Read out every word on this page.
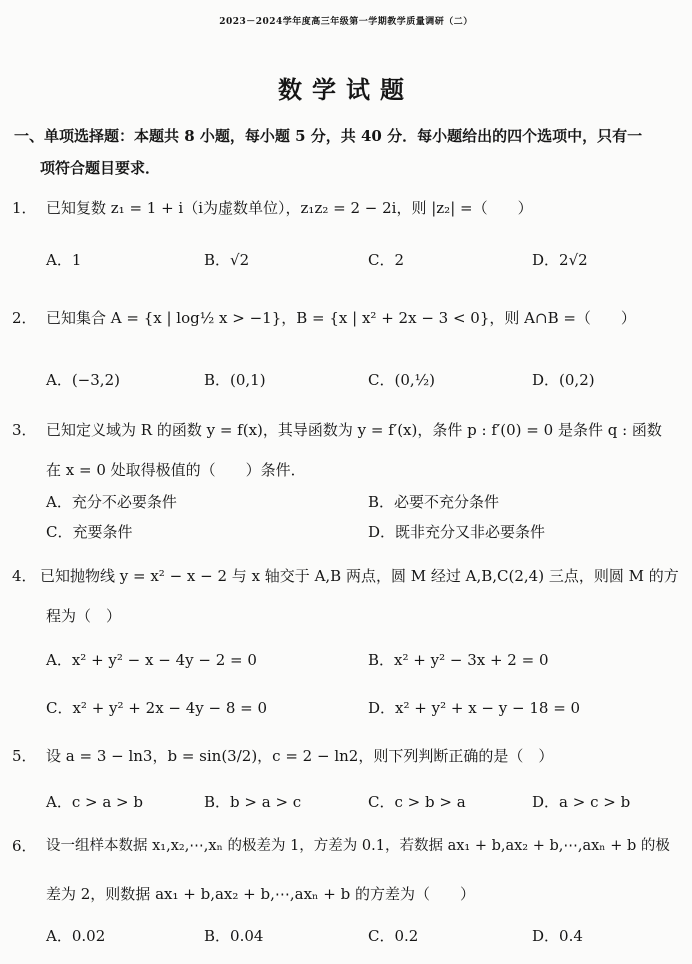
2023－2024学年度高三年级第一学期教学质量调研（二）
数学试题
一、单项选择题：本题共 8 小题，每小题 5 分，共 40 分．每小题给出的四个选项中，只有一
项符合题目要求．
1． 已知复数 z₁ = 1 + i（i为虚数单位），z₁z₂ = 2 − 2i，则 |z₂| =（　　）
A．1	B．√2	C．2	D．2√2
2． 已知集合 A = {x | log½ x > −1}，B = {x | x² + 2x − 3 < 0}，则 A∩B =（　　）
A．(−3,2)	B．(0,1)	C．(0,½)	D．(0,2)
3． 已知定义域为 R 的函数 y = f(x)，其导函数为 y = f′(x)，条件 p : f′(0) = 0 是条件 q : 函数
在 x = 0 处取得极值的（　　）条件．
A．充分不必要条件	B．必要不充分条件
C．充要条件	D．既非充分又非必要条件
4． 已知抛物线 y = x² − x − 2 与 x 轴交于 A,B 两点，圆 M 经过 A,B,C(2,4) 三点，则圆 M 的方
程为（　）
A．x² + y² − x − 4y − 2 = 0	B．x² + y² − 3x + 2 = 0
C．x² + y² + 2x − 4y − 8 = 0	D．x² + y² + x − y − 18 = 0
5． 设 a = 3 − ln3，b = sin(3/2)，c = 2 − ln2，则下列判断正确的是（　）
A．c > a > b	B．b > a > c	C．c > b > a	D．a > c > b
6． 设一组样本数据 x₁,x₂,⋯,xₙ 的极差为 1，方差为 0.1，若数据 ax₁ + b,ax₂ + b,⋯,axₙ + b 的极
差为 2，则数据 ax₁ + b,ax₂ + b,⋯,axₙ + b 的方差为（　　）
A．0.02	B．0.04	C．0.2	D．0.4
